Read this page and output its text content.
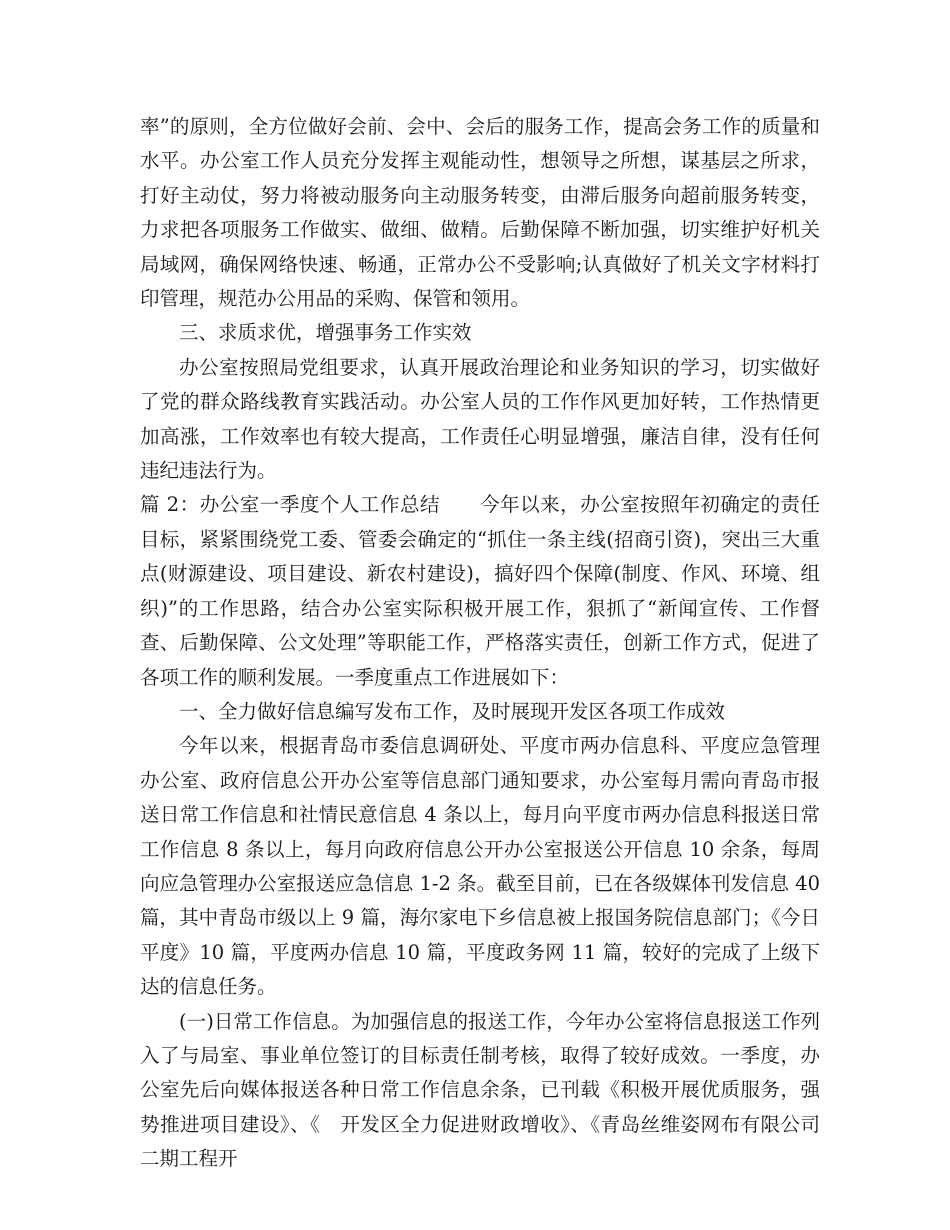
率”的原则，全方位做好会前、会中、会后的服务工作，提高会务工作的质量和水平。办公室工作人员充分发挥主观能动性，想领导之所想，谋基层之所求，打好主动仗，努力将被动服务向主动服务转变，由滞后服务向超前服务转变，力求把各项服务工作做实、做细、做精。后勤保障不断加强，切实维护好机关局域网，确保网络快速、畅通，正常办公不受影响;认真做好了机关文字材料打印管理，规范办公用品的采购、保管和领用。

三、求质求优，增强事务工作实效

办公室按照局党组要求，认真开展政治理论和业务知识的学习，切实做好了党的群众路线教育实践活动。办公室人员的工作作风更加好转，工作热情更加高涨，工作效率也有较大提高，工作责任心明显增强，廉洁自律，没有任何违纪违法行为。

篇 2：办公室一季度个人工作总结　　今年以来，办公室按照年初确定的责任目标，紧紧围绕党工委、管委会确定的“抓住一条主线(招商引资)，突出三大重点(财源建设、项目建设、新农村建设)，搞好四个保障(制度、作风、环境、组织)”的工作思路，结合办公室实际积极开展工作，狠抓了“新闻宣传、工作督查、后勤保障、公文处理”等职能工作，严格落实责任，创新工作方式，促进了各项工作的顺利发展。一季度重点工作进展如下：

一、全力做好信息编写发布工作，及时展现开发区各项工作成效

今年以来，根据青岛市委信息调研处、平度市两办信息科、平度应急管理办公室、政府信息公开办公室等信息部门通知要求，办公室每月需向青岛市报送日常工作信息和社情民意信息 4 条以上，每月向平度市两办信息科报送日常工作信息 8 条以上，每月向政府信息公开办公室报送公开信息 10 余条，每周向应急管理办公室报送应急信息 1-2 条。截至目前，已在各级媒体刊发信息 40 篇，其中青岛市级以上 9 篇，海尔家电下乡信息被上报国务院信息部门；《今日平度》10 篇，平度两办信息 10 篇，平度政务网 11 篇，较好的完成了上级下达的信息任务。

(一)日常工作信息。为加强信息的报送工作，今年办公室将信息报送工作列入了与局室、事业单位签订的目标责任制考核，取得了较好成效。一季度，办公室先后向媒体报送各种日常工作信息余条，已刊载《积极开展优质服务，强势推进项目建设》、《　开发区全力促进财政增收》、《青岛丝维姿网布有限公司二期工程开
